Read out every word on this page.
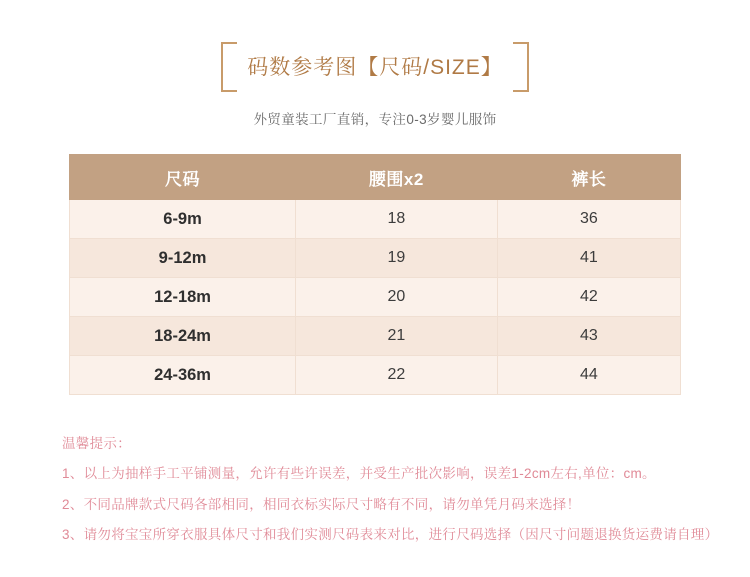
码数参考图【尺码/SIZE】
外贸童装工厂直销，专注0-3岁婴儿服饰
尺码	腰围x2	裤长
6-9m	18	36
9-12m	19	41
12-18m	20	42
18-24m	21	43
24-36m	22	44
温馨提示：
1、以上为抽样手工平铺测量，允许有些许误差，并受生产批次影响，误差1-2cm左右,单位：cm。
2、不同品牌款式尺码各部相同，相同衣标实际尺寸略有不同，请勿单凭月码来选择！
3、请勿将宝宝所穿衣服具体尺寸和我们实测尺码表来对比，进行尺码选择（因尺寸问题退换货运费请自理）
